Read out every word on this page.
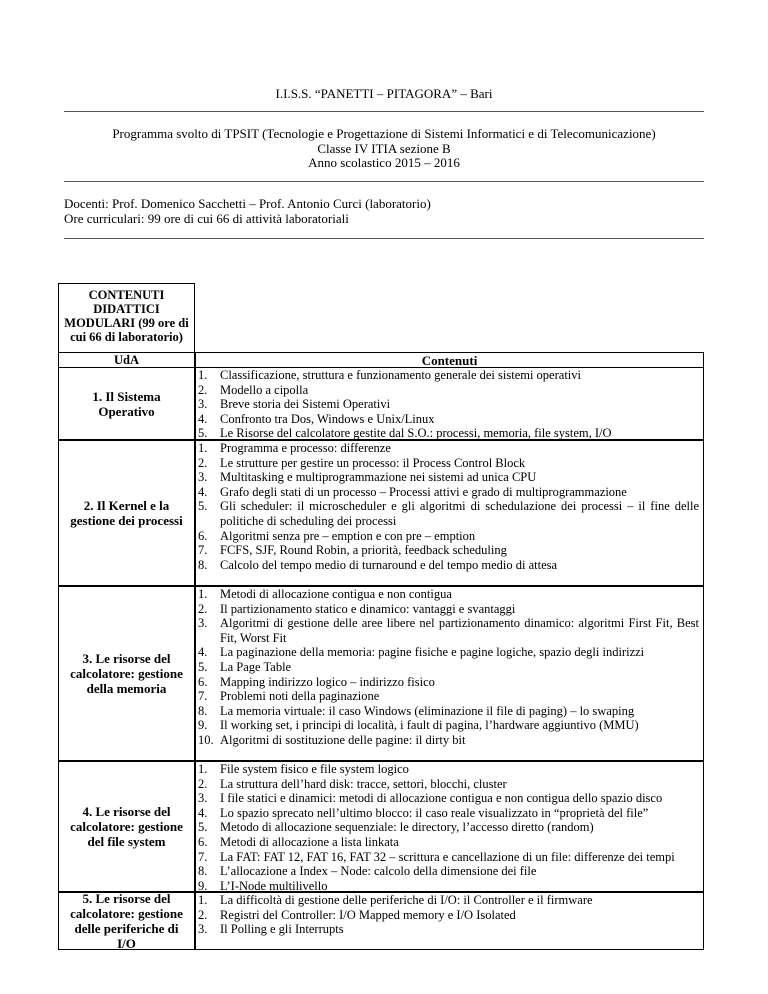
I.I.S.S. “PANETTI – PITAGORA” – Bari
Programma svolto di TPSIT (Tecnologie e Progettazione di Sistemi Informatici e di Telecomunicazione)
Classe IV ITIA sezione B
Anno scolastico 2015 – 2016
Docenti: Prof. Domenico Sacchetti – Prof. Antonio Curci (laboratorio)
Ore curriculari: 99 ore di cui 66 di attività laboratoriali
CONTENUTI DIDATTICI MODULARI (99 ore di cui 66 di laboratorio)
UdA	Contenuti
1. Il Sistema Operativo
1.	Classificazione, struttura e funzionamento generale dei sistemi operativi
2.	Modello a cipolla
3.	Breve storia dei Sistemi Operativi
4.	Confronto tra Dos, Windows e Unix/Linux
5.	Le Risorse del calcolatore gestite dal S.O.: processi, memoria, file system, I/O
2. Il Kernel e la gestione dei processi
1.	Programma e processo: differenze
2.	Le strutture per gestire un processo: il Process Control Block
3.	Multitasking e multiprogrammazione nei sistemi ad unica CPU
4.	Grafo degli stati di un processo – Processi attivi e grado di multiprogrammazione
5.	Gli scheduler: il microscheduler e gli algoritmi di schedulazione dei processi – il fine delle politiche di scheduling dei processi
6.	Algoritmi senza pre – emption e con pre – emption
7.	FCFS, SJF, Round Robin, a priorità, feedback scheduling
8.	Calcolo del tempo medio di turnaround e del tempo medio di attesa
3. Le risorse del calcolatore: gestione della memoria
1.	Metodi di allocazione contigua e non contigua
2.	Il partizionamento statico e dinamico: vantaggi e svantaggi
3.	Algoritmi di gestione delle aree libere nel partizionamento dinamico: algoritmi First Fit, Best Fit, Worst Fit
4.	La paginazione della memoria: pagine fisiche e pagine logiche, spazio degli indirizzi
5.	La Page Table
6.	Mapping indirizzo logico – indirizzo fisico
7.	Problemi noti della paginazione
8.	La memoria virtuale: il caso Windows (eliminazione il file di paging) – lo swaping
9.	Il working set, i principi di località, i fault di pagina, l’hardware aggiuntivo (MMU)
10. Algoritmi di sostituzione delle pagine: il dirty bit
4. Le risorse del calcolatore: gestione del file system
1.	File system fisico e file system logico
2.	La struttura dell’hard disk: tracce, settori, blocchi, cluster
3.	I file statici e dinamici: metodi di allocazione contigua e non contigua dello spazio disco
4.	Lo spazio sprecato nell’ultimo blocco: il caso reale visualizzato in “proprietà del file”
5.	Metodo di allocazione sequenziale: le directory, l’accesso diretto (random)
6.	Metodi di allocazione a lista linkata
7.	La FAT: FAT 12, FAT 16, FAT 32 – scrittura e cancellazione di un file: differenze dei tempi
8.	L’allocazione a Index – Node: calcolo della dimensione dei file
9.	L’I-Node multilivello
5. Le risorse del calcolatore: gestione delle periferiche di I/O
1.	La difficoltà di gestione delle periferiche di I/O: il Controller e il firmware
2.	Registri del Controller: I/O Mapped memory e I/O Isolated
3.	Il Polling e gli Interrupts
